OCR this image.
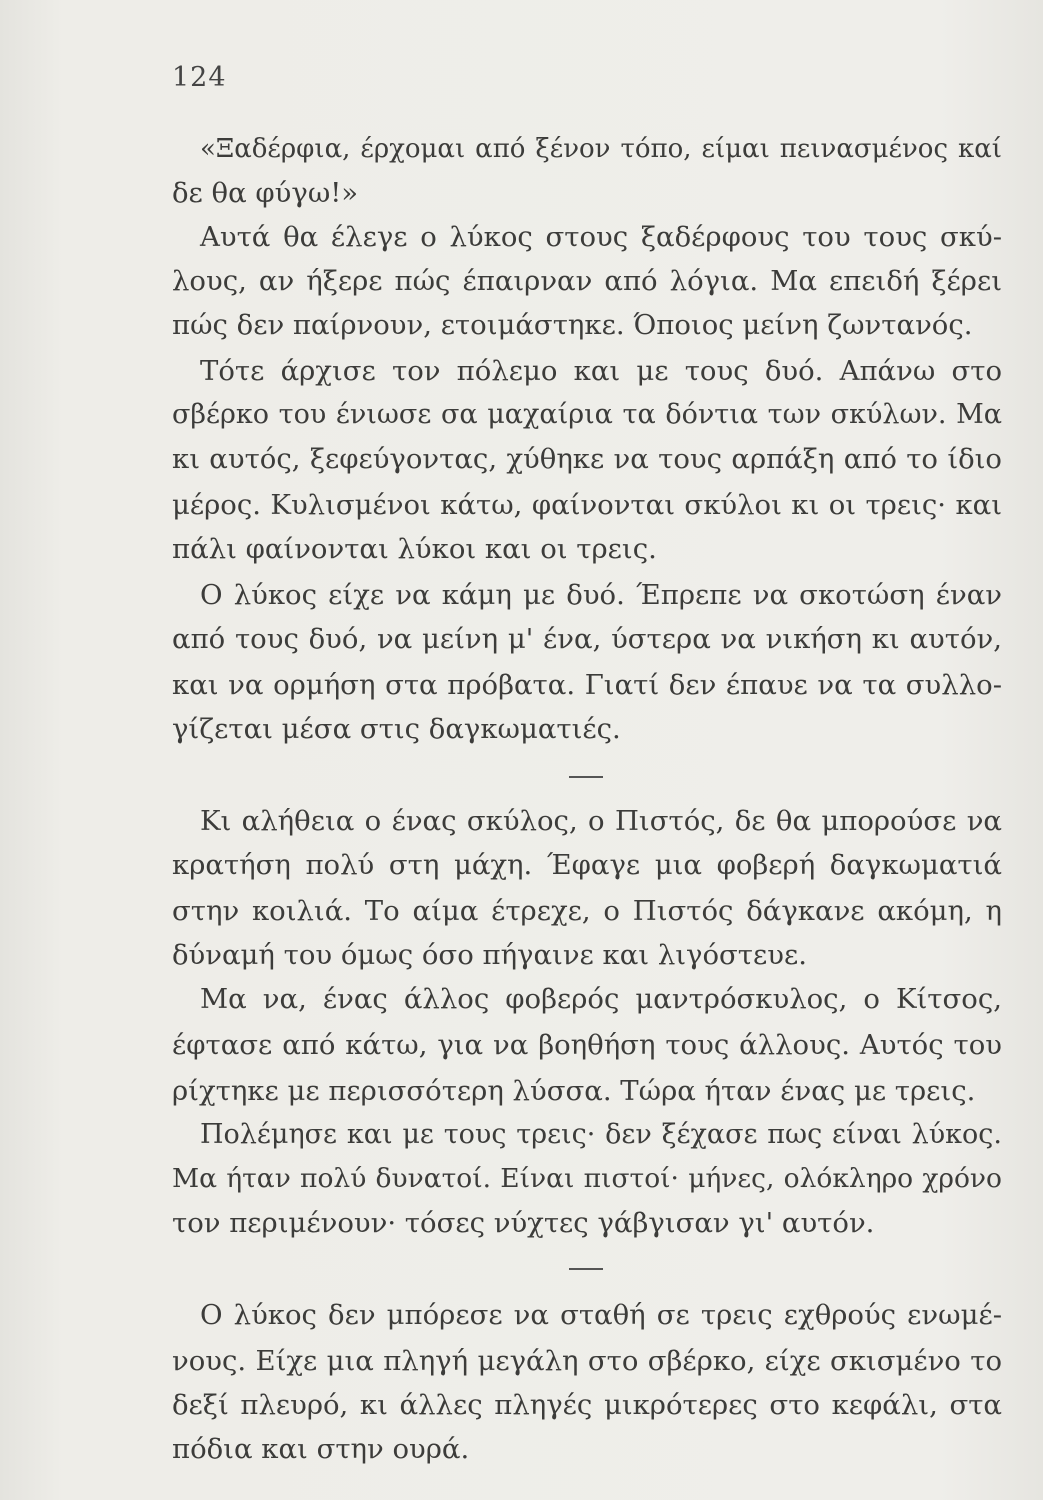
124
«Ξαδέρφια, έρχομαι από ξένον τόπο, είμαι πεινασμένος καί
δε θα φύγω!»
Αυτά θα έλεγε ο λύκος στους ξαδέρφους του τους σκύ-
λους, αν ήξερε πώς έπαιρναν από λόγια. Μα επειδή ξέρει
πώς δεν παίρνουν, ετοιμάστηκε. Όποιος μείνη ζωντανός.
Τότε άρχισε τον πόλεμο και με τους δυό. Απάνω στο
σβέρκο του ένιωσε σα μαχαίρια τα δόντια των σκύλων. Μα
κι αυτός, ξεφεύγοντας, χύθηκε να τους αρπάξη από το ίδιο
μέρος. Κυλισμένοι κάτω, φαίνονται σκύλοι κι οι τρεις· και
πάλι φαίνονται λύκοι και οι τρεις.
Ο λύκος είχε να κάμη με δυό. Έπρεπε να σκοτώση έναν
από τους δυό, να μείνη μ' ένα, ύστερα να νικήση κι αυτόν,
και να ορμήση στα πρόβατα. Γιατί δεν έπαυε να τα συλλο-
γίζεται μέσα στις δαγκωματιές.
Κι αλήθεια ο ένας σκύλος, ο Πιστός, δε θα μπορούσε να
κρατήση πολύ στη μάχη. Έφαγε μια φοβερή δαγκωματιά
στην κοιλιά. Το αίμα έτρεχε, ο Πιστός δάγκανε ακόμη, η
δύναμή του όμως όσο πήγαινε και λιγόστευε.
Μα να, ένας άλλος φοβερός μαντρόσκυλος, ο Κίτσος,
έφτασε από κάτω, για να βοηθήση τους άλλους. Αυτός του
ρίχτηκε με περισσότερη λύσσα. Τώρα ήταν ένας με τρεις.
Πολέμησε και με τους τρεις· δεν ξέχασε πως είναι λύκος.
Μα ήταν πολύ δυνατοί. Είναι πιστοί· μήνες, ολόκληρο χρόνο
τον περιμένουν· τόσες νύχτες γάβγισαν γι' αυτόν.
Ο λύκος δεν μπόρεσε να σταθή σε τρεις εχθρούς ενωμέ-
νους. Είχε μια πληγή μεγάλη στο σβέρκο, είχε σκισμένο το
δεξί πλευρό, κι άλλες πληγές μικρότερες στο κεφάλι, στα
πόδια και στην ουρά.
